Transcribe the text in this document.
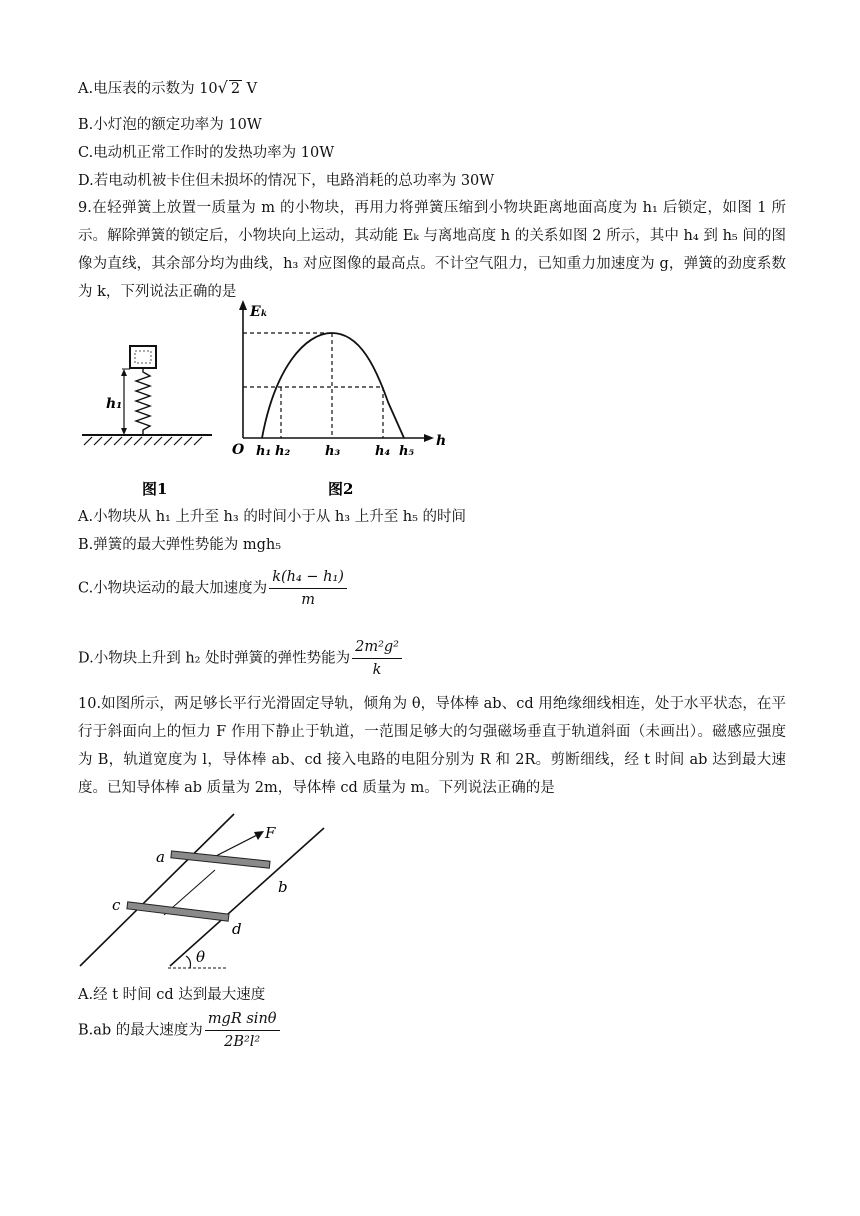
A.电压表的示数为 10√ 2 V
B.小灯泡的额定功率为 10W
C.电动机正常工作时的发热功率为 10W
D.若电动机被卡住但未损坏的情况下，电路消耗的总功率为 30W
9.在轻弹簧上放置一质量为 m 的小物块，再用力将弹簧压缩到小物块距离地面高度为 h₁ 后锁定，如图 1 所示。解除弹簧的锁定后，小物块向上运动，其动能 Eₖ 与离地高度 h 的关系如图 2 所示，其中 h₄ 到 h₅ 间的图像为直线，其余部分均为曲线，h₃ 对应图像的最高点。不计空气阻力，已知重力加速度为 g，弹簧的劲度系数为 k，下列说法正确的是
h₁
图1
Eₖ
h
O h₁ h₂	h₃	h₄ h₅
图2
A.小物块从 h₁ 上升至 h₃ 的时间小于从 h₃ 上升至 h₅ 的时间
B.弹簧的最大弹性势能为 mgh₅
C.小物块运动的最大加速度为 $\frac{\text{k(h₄ − h₁)}}{m}$
D.小物块上升到 h₂ 处时弹簧的弹性势能为 $\frac{\text{2m²g²}}{k}$
10.如图所示，两足够长平行光滑固定导轨，倾角为 θ，导体棒 ab、cd 用绝缘细线相连，处于水平状态，在平行于斜面向上的恒力 F 作用下静止于轨道，一范围足够大的匀强磁场垂直于轨道斜面（未画出）。磁感应强度为 B，轨道宽度为 l，导体棒 ab、cd 接入电路的电阻分别为 R 和 2R。剪断细线，经 t 时间 ab 达到最大速度。已知导体棒 ab 质量为 2m，导体棒 cd 质量为 m。下列说法正确的是
F
a
b
c
d
θ
A.经 t 时间 cd 达到最大速度
B.ab 的最大速度为 $\frac{\text{mgR sinθ}}{\text{2B²l²}}$
